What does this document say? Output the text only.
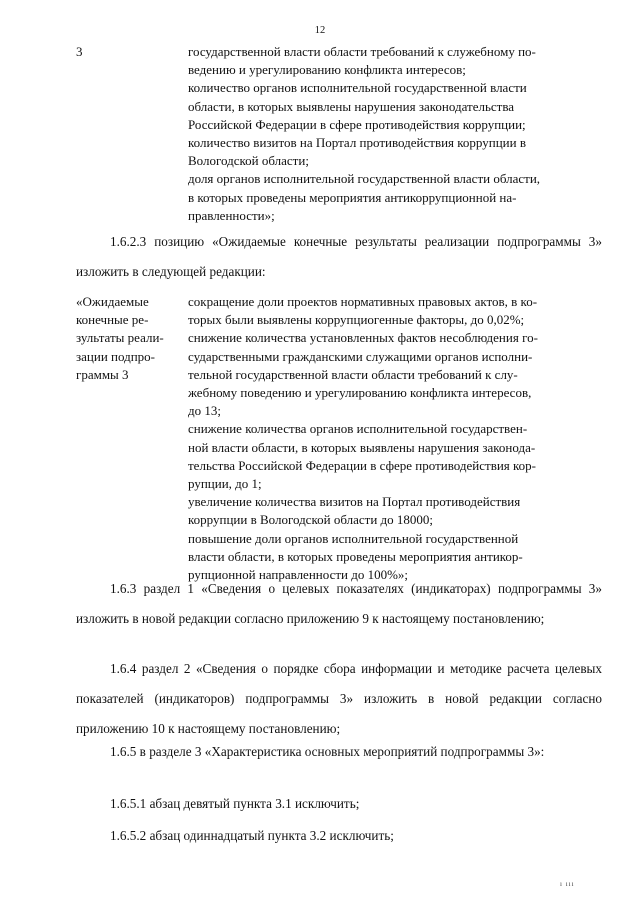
12
3	государственной власти области требований к служебному по-
ведению и урегулированию конфликта интересов;
количество органов исполнительной государственной власти
области, в которых выявлены нарушения законодательства
Российской Федерации в сфере противодействия коррупции;
количество визитов на Портал противодействия коррупции в
Вологодской области;
доля органов исполнительной государственной власти области,
в которых проведены мероприятия антикоррупционной на-
правленности»;
1.6.2.3 позицию «Ожидаемые конечные результаты реализации подпрограммы 3» изложить в следующей редакции:
«Ожидаемые
конечные ре-
зультаты реали-
зации подпро-
граммы 3
сокращение доли проектов нормативных правовых актов, в ко-
торых были выявлены коррупциогенные факторы, до 0,02%;
снижение количества установленных фактов несоблюдения го-
сударственными гражданскими служащими органов исполни-
тельной государственной власти области требований к слу-
жебному поведению и урегулированию конфликта интересов,
до 13;
снижение количества органов исполнительной государствен-
ной власти области, в которых выявлены нарушения законода-
тельства Российской Федерации в сфере противодействия кор-
рупции, до 1;
увеличение количества визитов на Портал противодействия
коррупции в Вологодской области до 18000;
повышение доли органов исполнительной государственной
власти области, в которых проведены мероприятия антикор-
рупционной направленности до 100%»;
1.6.3 раздел 1 «Сведения о целевых показателях (индикаторах) подпрограммы 3» изложить в новой редакции согласно приложению 9 к настоящему постановлению;
1.6.4 раздел 2 «Сведения о порядке сбора информации и методике расчета целевых показателей (индикаторов) подпрограммы 3» изложить в новой редакции согласно приложению 10 к настоящему постановлению;
1.6.5 в разделе 3 «Характеристика основных мероприятий подпрограммы 3»:
1.6.5.1 абзац девятый пункта 3.1 исключить;
1.6.5.2 абзац одиннадцатый пункта 3.2 исключить;
ı ııı
